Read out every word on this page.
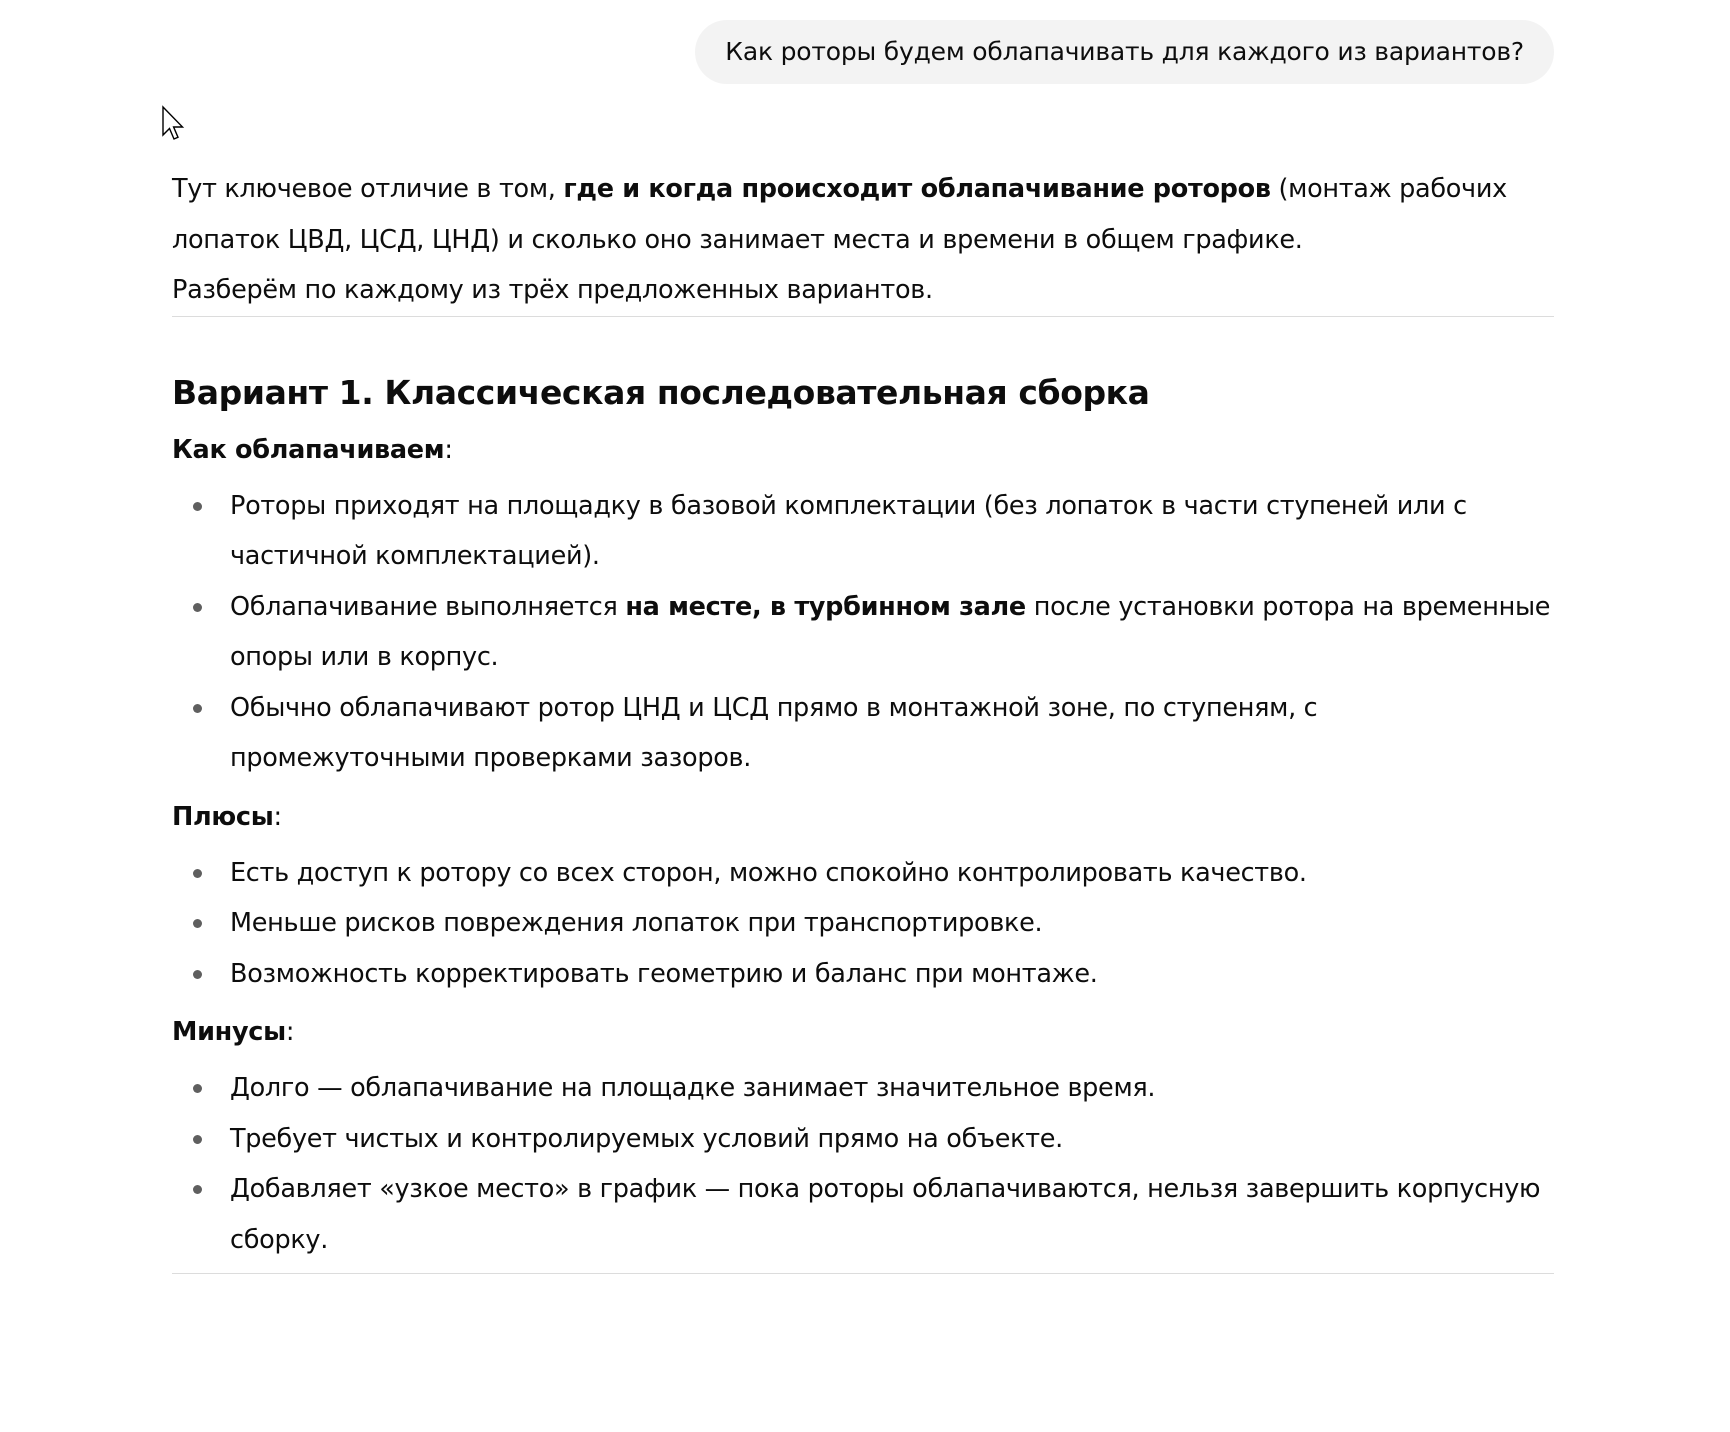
Как роторы будем облапачивать для каждого из вариантов?

Тут ключевое отличие в том, где и когда происходит облапачивание роторов (монтаж рабочих лопаток ЦВД, ЦСД, ЦНД) и сколько оно занимает места и времени в общем графике.
Разберём по каждому из трёх предложенных вариантов.

Вариант 1. Классическая последовательная сборка

Как облапачиваем:

Роторы приходят на площадку в базовой комплектации (без лопаток в части ступеней или с частичной комплектацией).
Облапачивание выполняется на месте, в турбинном зале после установки ротора на временные опоры или в корпус.
Обычно облапачивают ротор ЦНД и ЦСД прямо в монтажной зоне, по ступеням, с промежуточными проверками зазоров.

Плюсы:

Есть доступ к ротору со всех сторон, можно спокойно контролировать качество.
Меньше рисков повреждения лопаток при транспортировке.
Возможность корректировать геометрию и баланс при монтаже.

Минусы:

Долго — облапачивание на площадке занимает значительное время.
Требует чистых и контролируемых условий прямо на объекте.
Добавляет «узкое место» в график — пока роторы облапачиваются, нельзя завершить корпусную сборку.
